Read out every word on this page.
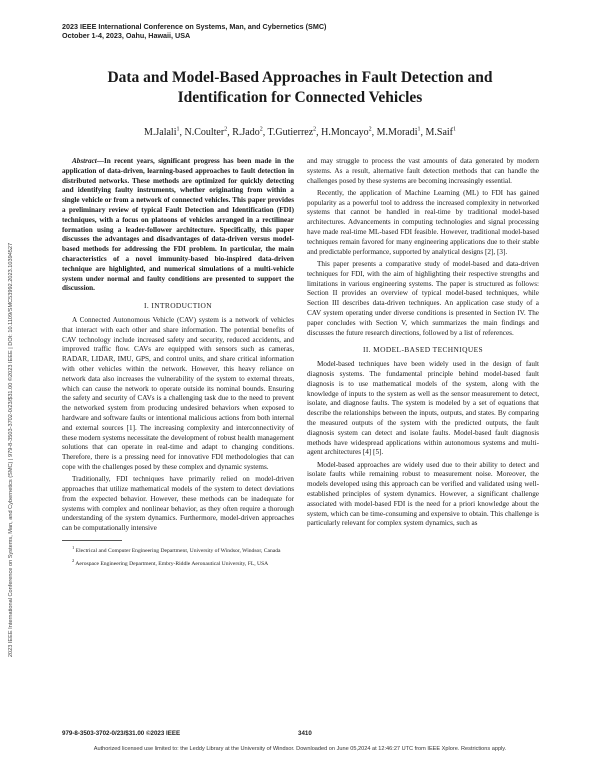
2023 IEEE International Conference on Systems, Man, and Cybernetics (SMC)
October 1-4, 2023, Oahu, Hawaii, USA
Data and Model-Based Approaches in Fault Detection and
Identification for Connected Vehicles
M.Jalali$^1$, N.Coulter$^2$, R.Jado$^2$, T.Gutierrez$^2$, H.Moncayo$^2$, M.Moradi$^1$, M.Saif$^1$
2023 IEEE International Conference on Systems, Man, and Cybernetics (SMC) | 979-8-3503-3702-0/23/$31.00 ©2023 IEEE | DOI: 10.1109/SMC53992.2023.10394527

Abstract—In recent years, significant progress has been made in the application of data-driven, learning-based approaches to fault detection in distributed networks. These methods are optimized for quickly detecting and identifying faulty instruments, whether originating from within a single vehicle or from a network of connected vehicles. This paper provides a preliminary review of typical Fault Detection and Identification (FDI) techniques, with a focus on platoons of vehicles arranged in a rectilinear formation using a leader-follower architecture. Specifically, this paper discusses the advantages and disadvantages of data-driven versus model-based methods for addressing the FDI problem. In particular, the main characteristics of a novel immunity-based bio-inspired data-driven technique are highlighted, and numerical simulations of a multi-vehicle system under normal and faulty conditions are presented to support the discussion.

I. INTRODUCTION

A Connected Autonomous Vehicle (CAV) system is a network of vehicles that interact with each other and share information. The potential benefits of CAV technology include increased safety and security, reduced accidents, and improved traffic flow. CAVs are equipped with sensors such as cameras, RADAR, LIDAR, IMU, GPS, and control units, and share critical information with other vehicles within the network. However, this heavy reliance on network data also increases the vulnerability of the system to external threats, which can cause the network to operate outside its nominal bounds. Ensuring the safety and security of CAVs is a challenging task due to the need to prevent the networked system from producing undesired behaviors when exposed to hardware and software faults or intentional malicious actions from both internal and external sources [1]. The increasing complexity and interconnectivity of these modern systems necessitate the development of robust health management solutions that can operate in real-time and adapt to changing conditions. Therefore, there is a pressing need for innovative FDI methodologies that can cope with the challenges posed by these complex and dynamic systems.

Traditionally, FDI techniques have primarily relied on model-driven approaches that utilize mathematical models of the system to detect deviations from the expected behavior. However, these methods can be inadequate for systems with complex and nonlinear behavior, as they often require a thorough understanding of the system dynamics. Furthermore, model-driven approaches can be computationally intensive

$^1$ Electrical and Computer Engineering Department, University of Windsor, Windsor, Canada

$^2$ Aerospace Engineering Department, Embry-Riddle Aeronautical University, FL, USA

and may struggle to process the vast amounts of data generated by modern systems. As a result, alternative fault detection methods that can handle the challenges posed by these systems are becoming increasingly essential.

Recently, the application of Machine Learning (ML) to FDI has gained popularity as a powerful tool to address the increased complexity in networked systems that cannot be handled in real-time by traditional model-based architectures. Advancements in computing technologies and signal processing have made real-time ML-based FDI feasible. However, traditional model-based techniques remain favored for many engineering applications due to their stable and predictable performance, supported by analytical designs [2], [3].

This paper presents a comparative study of model-based and data-driven techniques for FDI, with the aim of highlighting their respective strengths and limitations in various engineering systems. The paper is structured as follows: Section II provides an overview of typical model-based techniques, while Section III describes data-driven techniques. An application case study of a CAV system operating under diverse conditions is presented in Section IV. The paper concludes with Section V, which summarizes the main findings and discusses the future research directions, followed by a list of references.

II. MODEL-BASED TECHNIQUES

Model-based techniques have been widely used in the design of fault diagnosis systems. The fundamental principle behind model-based fault diagnosis is to use mathematical models of the system, along with the knowledge of inputs to the system as well as the sensor measurement to detect, isolate, and diagnose faults. The system is modeled by a set of equations that describe the relationships between the inputs, outputs, and states. By comparing the measured outputs of the system with the predicted outputs, the fault diagnosis system can detect and isolate faults. Model-based fault diagnosis methods have widespread applications within autonomous systems and multi-agent architectures [4] [5].

Model-based approaches are widely used due to their ability to detect and isolate faults while remaining robust to measurement noise. Moreover, the models developed using this approach can be verified and validated using well-established principles of system dynamics. However, a significant challenge associated with model-based FDI is the need for a priori knowledge about the system, which can be time-consuming and expensive to obtain. This challenge is particularly relevant for complex system dynamics, such as

979-8-3503-3702-0/23/$31.00 ©2023 IEEE	3410
Authorized licensed use limited to: the Leddy Library at the University of Windsor. Downloaded on June 05,2024 at 12:46:27 UTC from IEEE Xplore. Restrictions apply.
